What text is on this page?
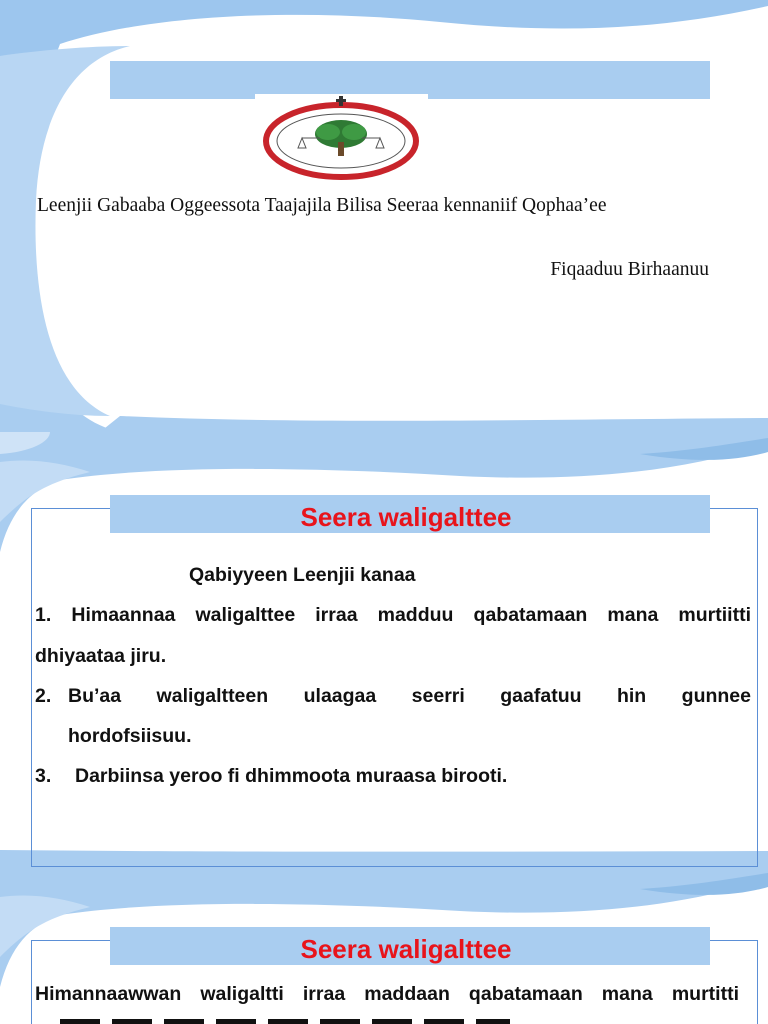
Leenjii Gabaaba Oggeessota Taajajila Bilisa Seeraa kennaniif Qophaa’ee
Fiqaaduu Birhaanuu
Seera waligalttee
Qabiyyeen Leenjii kanaa
1. Himaannaa waligalttee irraa madduu qabatamaan mana murtiitti
dhiyaataa jiru.
2. Bu’aa waligaltteen ulaagaa seerri gaafatuu hin gunnee
hordofsiisuu.
3. Darbiinsa yeroo fi dhimmoota muraasa birooti.
Seera waligalttee
Himannaawwan waligaltti irraa maddaan qabatamaan mana murtitti
